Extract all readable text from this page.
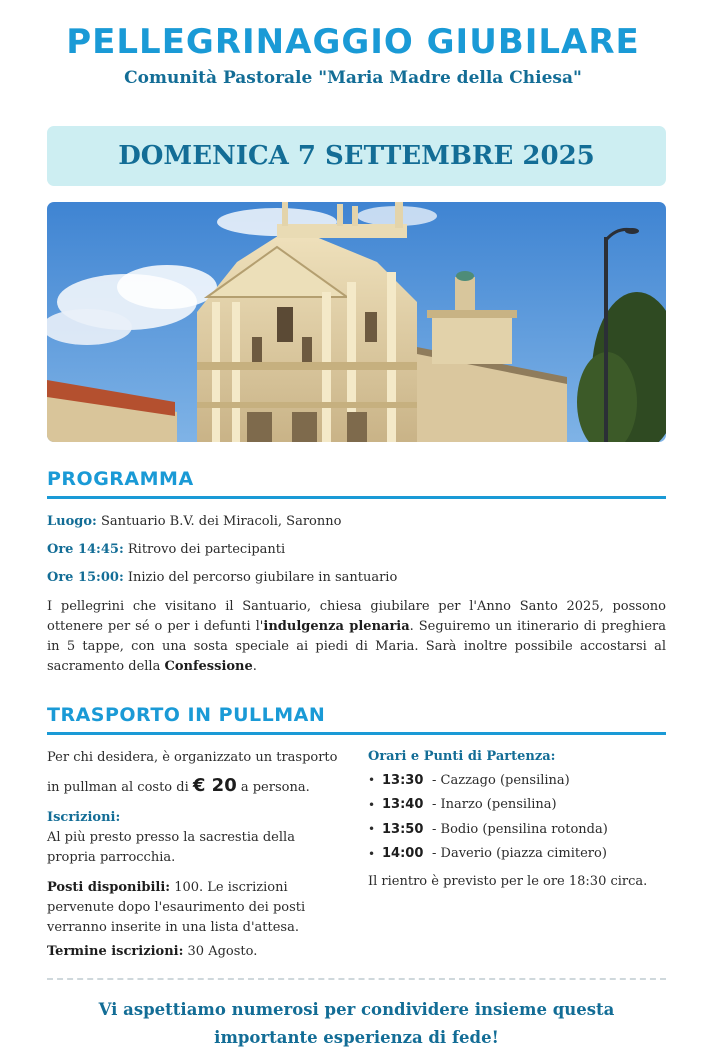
PELLEGRINAGGIO GIUBILARE
Comunità Pastorale "Maria Madre della Chiesa"
DOMENICA 7 SETTEMBRE 2025
PROGRAMMA
Luogo: Santuario B.V. dei Miracoli, Saronno
Ore 14:45: Ritrovo dei partecipanti
Ore 15:00: Inizio del percorso giubilare in santuario
I pellegrini che visitano il Santuario, chiesa giubilare per l'Anno Santo 2025, possono ottenere per sé o per i defunti l'indulgenza plenaria. Seguiremo un itinerario di preghiera in 5 tappe, con una sosta speciale ai piedi di Maria. Sarà inoltre possibile accostarsi al sacramento della Confessione.
TRASPORTO IN PULLMAN
Per chi desidera, è organizzato un trasporto in pullman al costo di € 20 a persona.
Iscrizioni:
Al più presto presso la sacrestia della propria parrocchia.
Posti disponibili: 100. Le iscrizioni pervenute dopo l'esaurimento dei posti verranno inserite in una lista d'attesa.
Termine iscrizioni: 30 Agosto.
Orari e Punti di Partenza:
• 13:30 - Cazzago (pensilina)
• 13:40 - Inarzo (pensilina)
• 13:50 - Bodio (pensilina rotonda)
• 14:00 - Daverio (piazza cimitero)
Il rientro è previsto per le ore 18:30 circa.
Vi aspettiamo numerosi per condividere insieme questa importante esperienza di fede!
